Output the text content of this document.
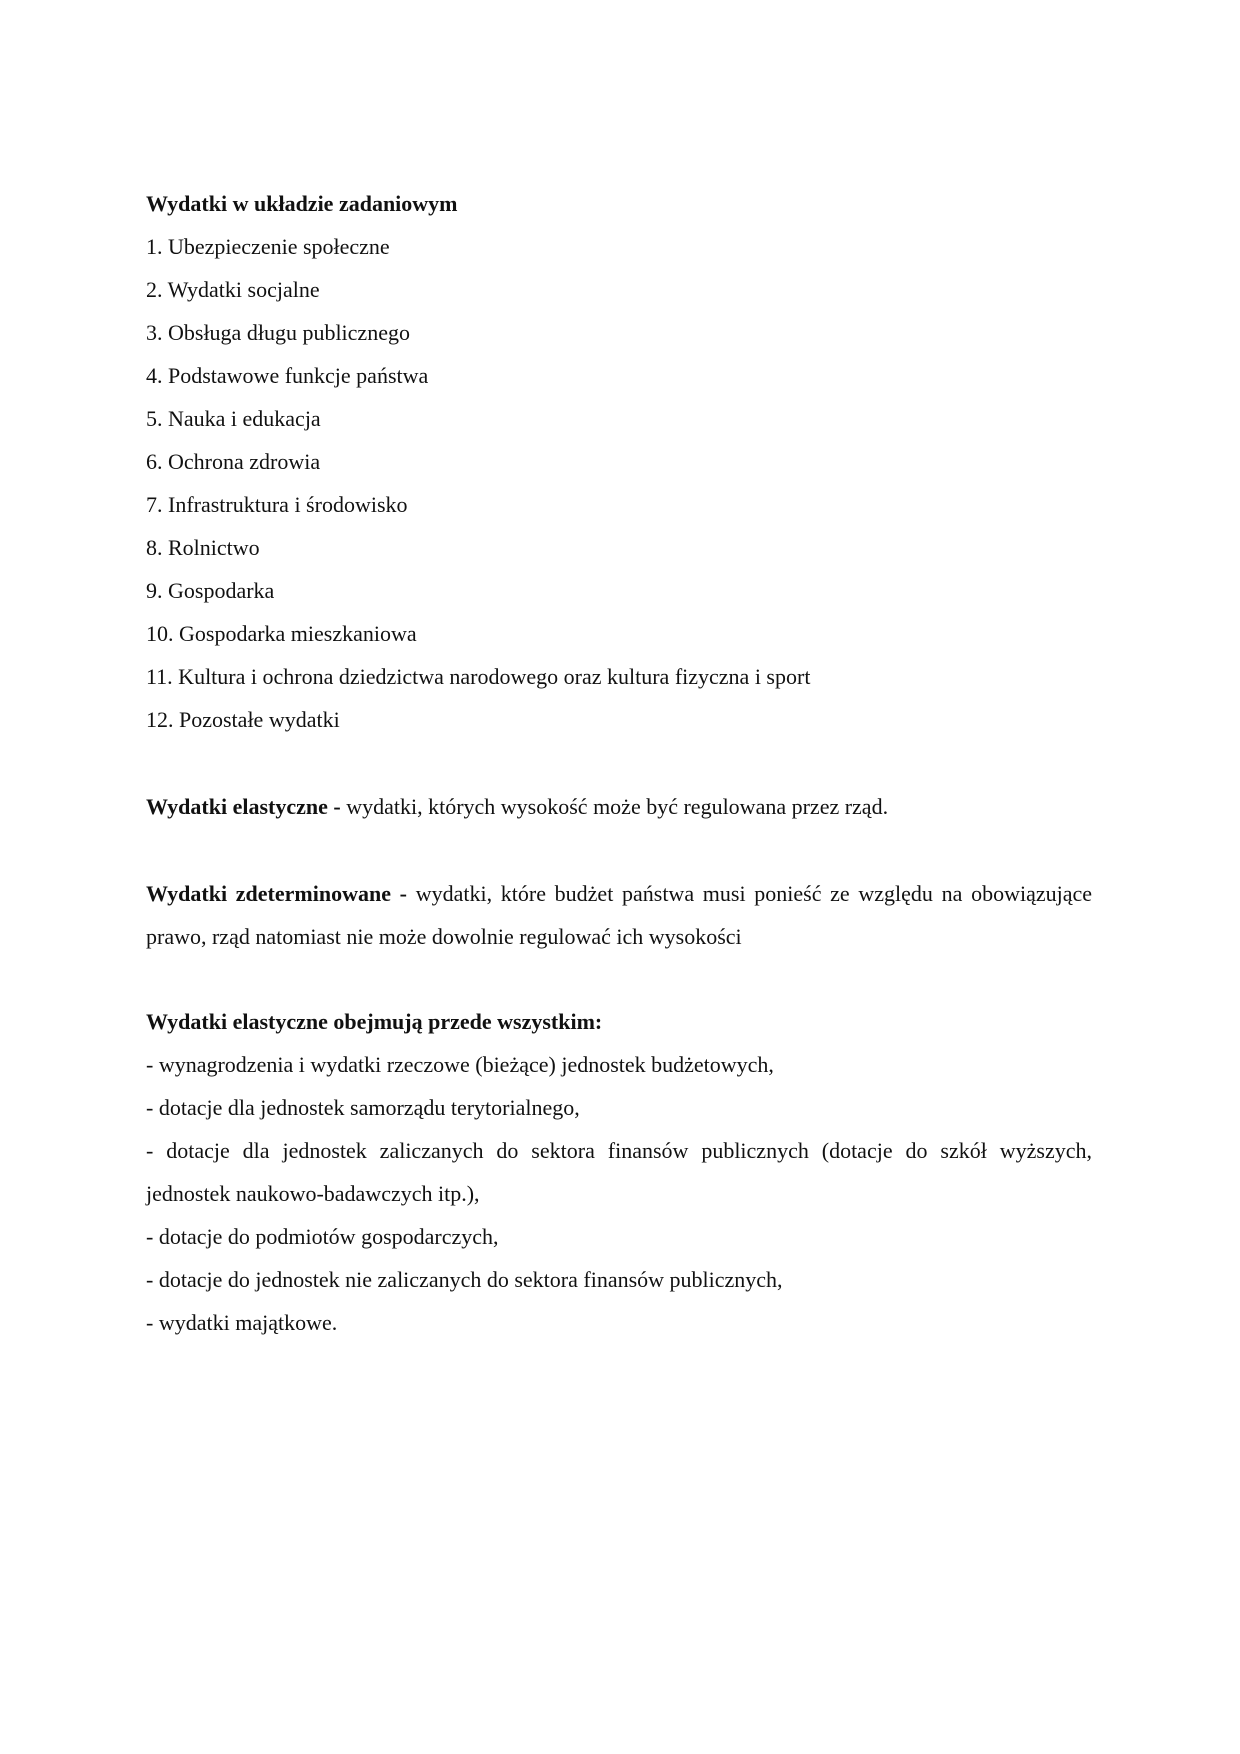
Wydatki w układzie zadaniowym
1. Ubezpieczenie społeczne
2. Wydatki socjalne
3. Obsługa długu publicznego
4. Podstawowe funkcje państwa
5. Nauka i edukacja
6. Ochrona zdrowia
7. Infrastruktura i środowisko
8. Rolnictwo
9. Gospodarka
10. Gospodarka mieszkaniowa
11. Kultura i ochrona dziedzictwa narodowego oraz kultura fizyczna i sport
12. Pozostałe wydatki
Wydatki elastyczne - wydatki, których wysokość może być regulowana przez rząd.
Wydatki zdeterminowane - wydatki, które budżet państwa musi ponieść ze względu na obowiązujące prawo, rząd natomiast nie może dowolnie regulować ich wysokości
Wydatki elastyczne obejmują przede wszystkim:
- wynagrodzenia i wydatki rzeczowe (bieżące) jednostek budżetowych,
- dotacje dla jednostek samorządu terytorialnego,
- dotacje dla jednostek zaliczanych do sektora finansów publicznych (dotacje do szkół wyższych, jednostek naukowo-badawczych itp.),
- dotacje do podmiotów gospodarczych,
- dotacje do jednostek nie zaliczanych do sektora finansów publicznych,
- wydatki majątkowe.
